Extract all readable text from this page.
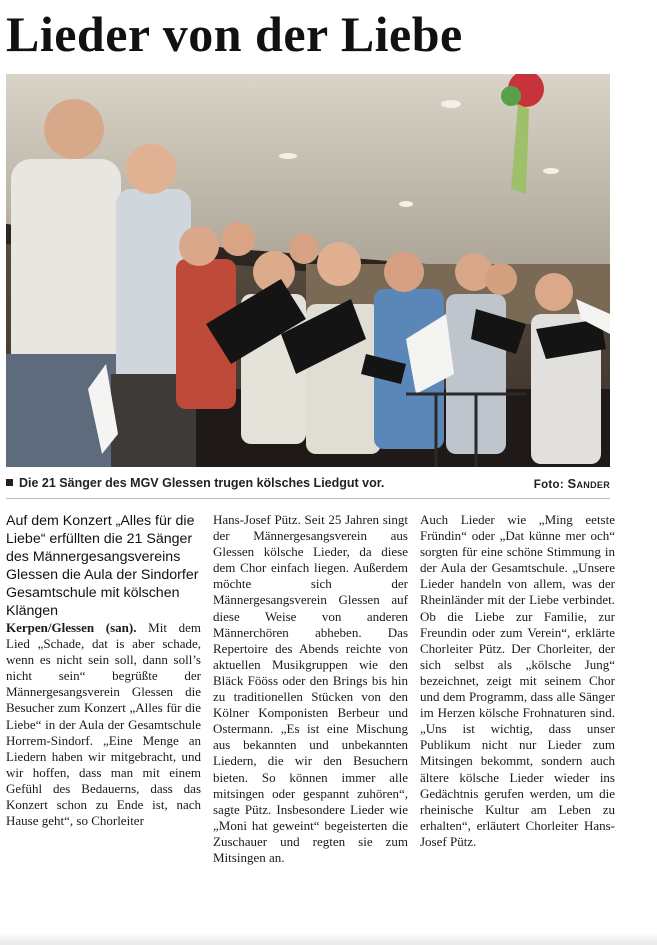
Lieder von der Liebe
Die 21 Sänger des MGV Glessen trugen kölsches Liedgut vor.	Foto: Sander

Auf dem Konzert „Alles für die Liebe“ erfüllten die 21 Sänger des Männergesangsvereins Glessen die Aula der Sindorfer Gesamtschule mit kölschen Klängen

Kerpen/Glessen (san). Mit dem Lied „Schade, dat is aber schade, wenn es nicht sein soll, dann soll’s nicht sein“ begrüßte der Männergesangsverein Glessen die Besucher zum Konzert „Alles für die Liebe“ in der Aula der Gesamtschule Horrem-Sindorf. „Eine Menge an Liedern haben wir mitgebracht, und wir hoffen, dass man mit einem Gefühl des Bedauerns, dass das Konzert schon zu Ende ist, nach Hause geht“, so Chorleiter

Hans-Josef Pütz. Seit 25 Jahren singt der Männergesangsverein aus Glessen kölsche Lieder, da diese dem Chor einfach liegen. Außerdem möchte sich der Männergesangsverein Glessen auf diese Weise von anderen Männerchören abheben. Das Repertoire des Abends reichte von aktuellen Musikgruppen wie den Bläck Fööss oder den Brings bis hin zu traditionellen Stücken von den Kölner Komponisten Berbeur und Ostermann. „Es ist eine Mischung aus bekannten und unbekannten Liedern, die wir den Besuchern bieten. So können immer alle mitsingen oder gespannt zuhören“, sagte Pütz. Insbesondere Lieder wie „Moni hat geweint“ begeisterten die Zuschauer und regten sie zum Mitsingen an.

Auch Lieder wie „Ming eetste Fründin“ oder „Dat künne mer och“ sorgten für eine schöne Stimmung in der Aula der Gesamtschule. „Unsere Lieder handeln von allem, was der Rheinländer mit der Liebe verbindet. Ob die Liebe zur Familie, zur Freundin oder zum Verein“, erklärte Chorleiter Pütz. Der Chorleiter, der sich selbst als „kölsche Jung“ bezeichnet, zeigt mit seinem Chor und dem Programm, dass alle Sänger im Herzen kölsche Frohnaturen sind. „Uns ist wichtig, dass unser Publikum nicht nur Lieder zum Mitsingen bekommt, sondern auch ältere kölsche Lieder wieder ins Gedächtnis gerufen werden, um die rheinische Kultur am Leben zu erhalten“, erläutert Chorleiter Hans-Josef Pütz.
